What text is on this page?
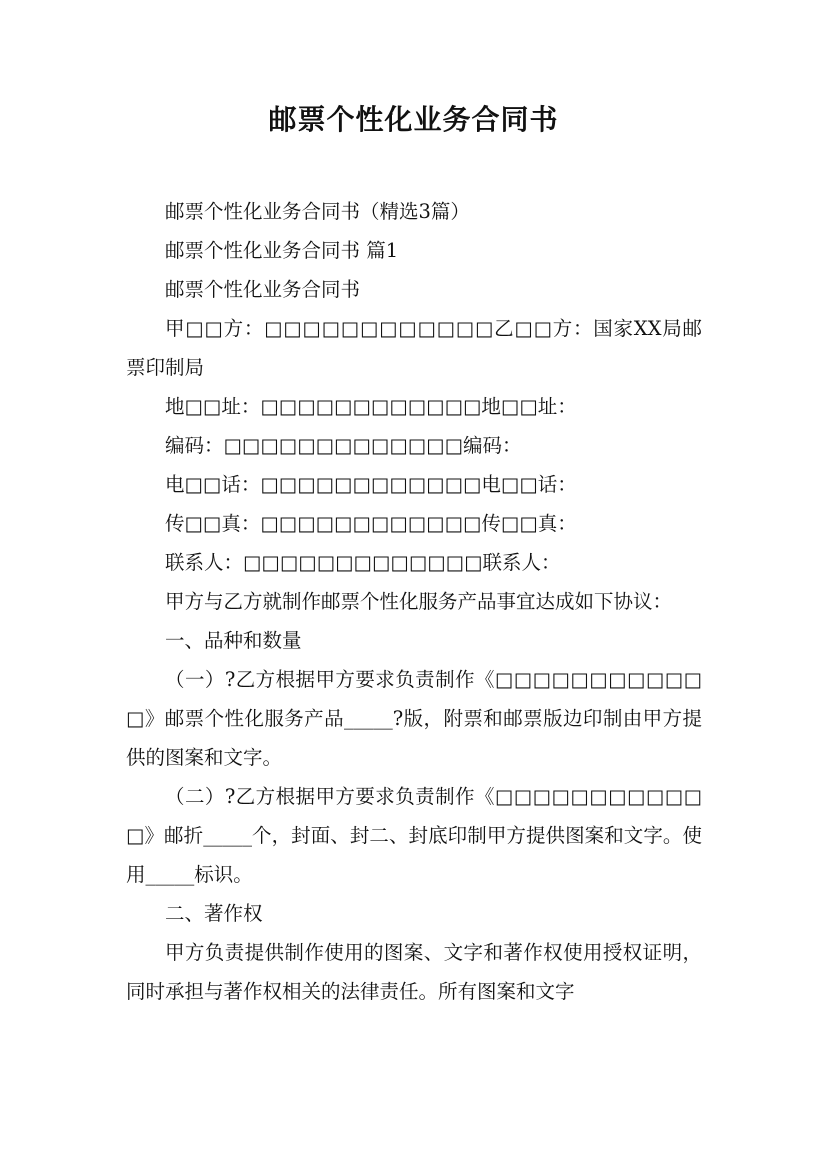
邮票个性化业务合同书

邮票个性化业务合同书（精选3篇）

邮票个性化业务合同书 篇1

邮票个性化业务合同书

甲□□方：□□□□□□□□□□□□乙□□方：国家XX局邮票印制局

地□□址：□□□□□□□□□□□□地□□址：

编码：□□□□□□□□□□□□□编码：

电□□话：□□□□□□□□□□□□电□□话：

传□□真：□□□□□□□□□□□□传□□真：

联系人：□□□□□□□□□□□□□联系人：

甲方与乙方就制作邮票个性化服务产品事宜达成如下协议：

一、品种和数量

（一）?乙方根据甲方要求负责制作《□□□□□□□□□□□□》邮票个性化服务产品_____?版，附票和邮票版边印制由甲方提供的图案和文字。

（二）?乙方根据甲方要求负责制作《□□□□□□□□□□□□》邮折_____个，封面、封二、封底印制甲方提供图案和文字。使用_____标识。

二、著作权

甲方负责提供制作使用的图案、文字和著作权使用授权证明，同时承担与著作权相关的法律责任。所有图案和文字
